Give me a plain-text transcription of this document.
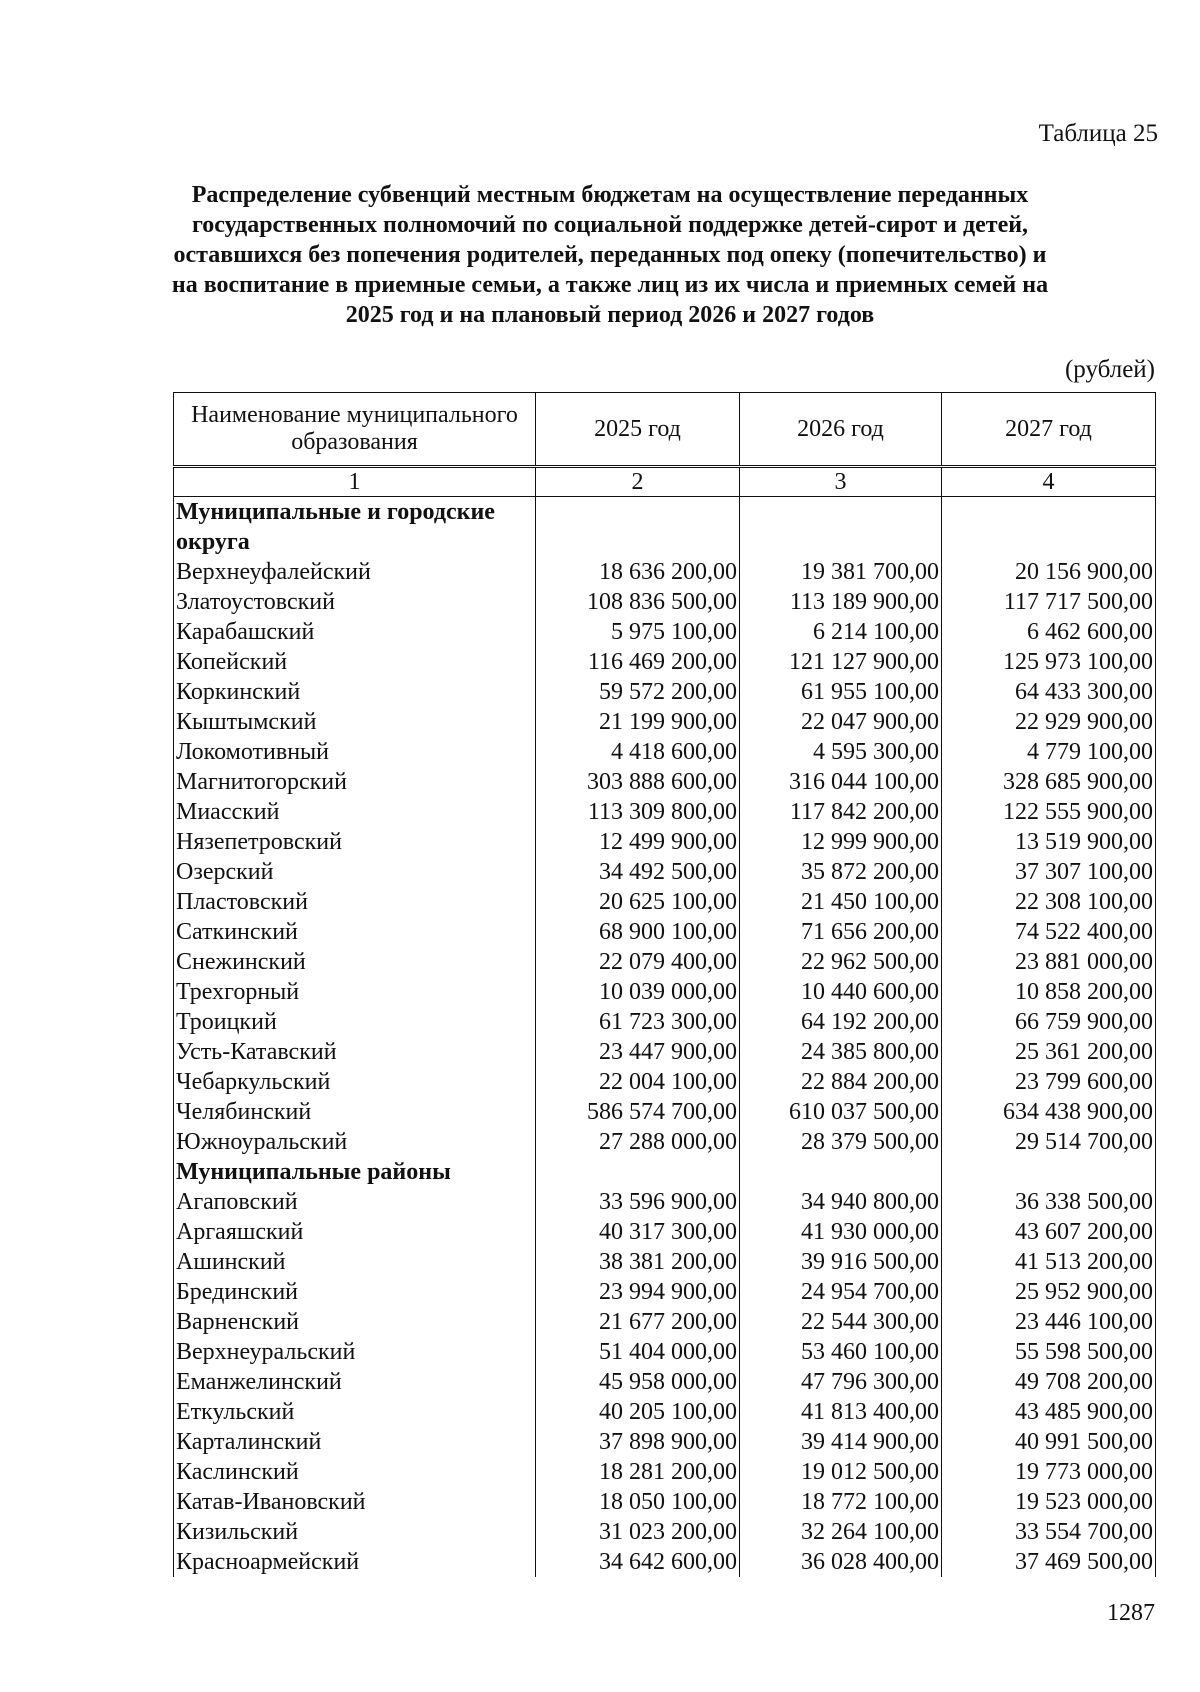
Таблица 25
Распределение субвенций местным бюджетам на осуществление переданных государственных полномочий по социальной поддержке детей-сирот и детей, оставшихся без попечения родителей, переданных под опеку (попечительство) и на воспитание в приемные семьи, а также лиц из их числа и приемных семей на 2025 год и на плановый период 2026 и 2027 годов
(рублей)
Наименование муниципального образования	2025 год	2026 год	2027 год
1	2	3	4
Муниципальные и городские округа			
Верхнеуфалейский	18 636 200,00	19 381 700,00	20 156 900,00
Златоустовский	108 836 500,00	113 189 900,00	117 717 500,00
Карабашский	5 975 100,00	6 214 100,00	6 462 600,00
Копейский	116 469 200,00	121 127 900,00	125 973 100,00
Коркинский	59 572 200,00	61 955 100,00	64 433 300,00
Кыштымский	21 199 900,00	22 047 900,00	22 929 900,00
Локомотивный	4 418 600,00	4 595 300,00	4 779 100,00
Магнитогорский	303 888 600,00	316 044 100,00	328 685 900,00
Миасский	113 309 800,00	117 842 200,00	122 555 900,00
Нязепетровский	12 499 900,00	12 999 900,00	13 519 900,00
Озерский	34 492 500,00	35 872 200,00	37 307 100,00
Пластовский	20 625 100,00	21 450 100,00	22 308 100,00
Саткинский	68 900 100,00	71 656 200,00	74 522 400,00
Снежинский	22 079 400,00	22 962 500,00	23 881 000,00
Трехгорный	10 039 000,00	10 440 600,00	10 858 200,00
Троицкий	61 723 300,00	64 192 200,00	66 759 900,00
Усть-Катавский	23 447 900,00	24 385 800,00	25 361 200,00
Чебаркульский	22 004 100,00	22 884 200,00	23 799 600,00
Челябинский	586 574 700,00	610 037 500,00	634 438 900,00
Южноуральский	27 288 000,00	28 379 500,00	29 514 700,00
Муниципальные районы			
Агаповский	33 596 900,00	34 940 800,00	36 338 500,00
Аргаяшский	40 317 300,00	41 930 000,00	43 607 200,00
Ашинский	38 381 200,00	39 916 500,00	41 513 200,00
Брединский	23 994 900,00	24 954 700,00	25 952 900,00
Варненский	21 677 200,00	22 544 300,00	23 446 100,00
Верхнеуральский	51 404 000,00	53 460 100,00	55 598 500,00
Еманжелинский	45 958 000,00	47 796 300,00	49 708 200,00
Еткульский	40 205 100,00	41 813 400,00	43 485 900,00
Карталинский	37 898 900,00	39 414 900,00	40 991 500,00
Каслинский	18 281 200,00	19 012 500,00	19 773 000,00
Катав-Ивановский	18 050 100,00	18 772 100,00	19 523 000,00
Кизильский	31 023 200,00	32 264 100,00	33 554 700,00
Красноармейский	34 642 600,00	36 028 400,00	37 469 500,00
1287
